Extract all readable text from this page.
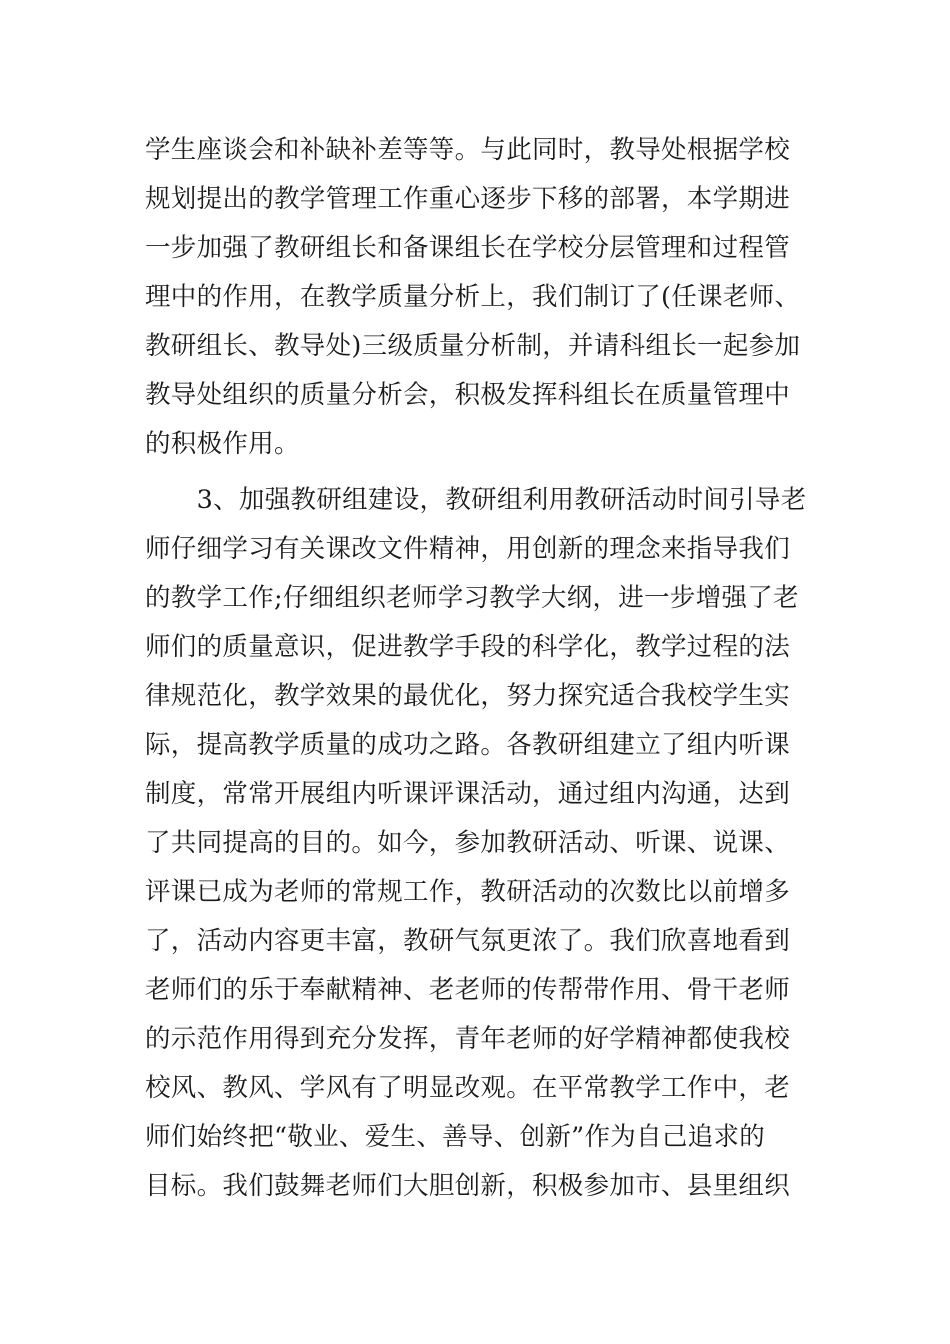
学生座谈会和补缺补差等等。与此同时，教导处根据学校
规划提出的教学管理工作重心逐步下移的部署，本学期进
一步加强了教研组长和备课组长在学校分层管理和过程管
理中的作用，在教学质量分析上，我们制订了(任课老师、
教研组长、教导处)三级质量分析制，并请科组长一起参加
教导处组织的质量分析会，积极发挥科组长在质量管理中
的积极作用。
　　3、加强教研组建设，教研组利用教研活动时间引导老
师仔细学习有关课改文件精神，用创新的理念来指导我们
的教学工作;仔细组织老师学习教学大纲，进一步增强了老
师们的质量意识，促进教学手段的科学化，教学过程的法
律规范化，教学效果的最优化，努力探究适合我校学生实
际，提高教学质量的成功之路。各教研组建立了组内听课
制度，常常开展组内听课评课活动，通过组内沟通，达到
了共同提高的目的。如今，参加教研活动、听课、说课、
评课已成为老师的常规工作，教研活动的次数比以前增多
了，活动内容更丰富，教研气氛更浓了。我们欣喜地看到
老师们的乐于奉献精神、老老师的传帮带作用、骨干老师
的示范作用得到充分发挥，青年老师的好学精神都使我校
校风、教风、学风有了明显改观。在平常教学工作中，老
师们始终把“敬业、爱生、善导、创新”作为自己追求的
目标。我们鼓舞老师们大胆创新，积极参加市、县里组织
